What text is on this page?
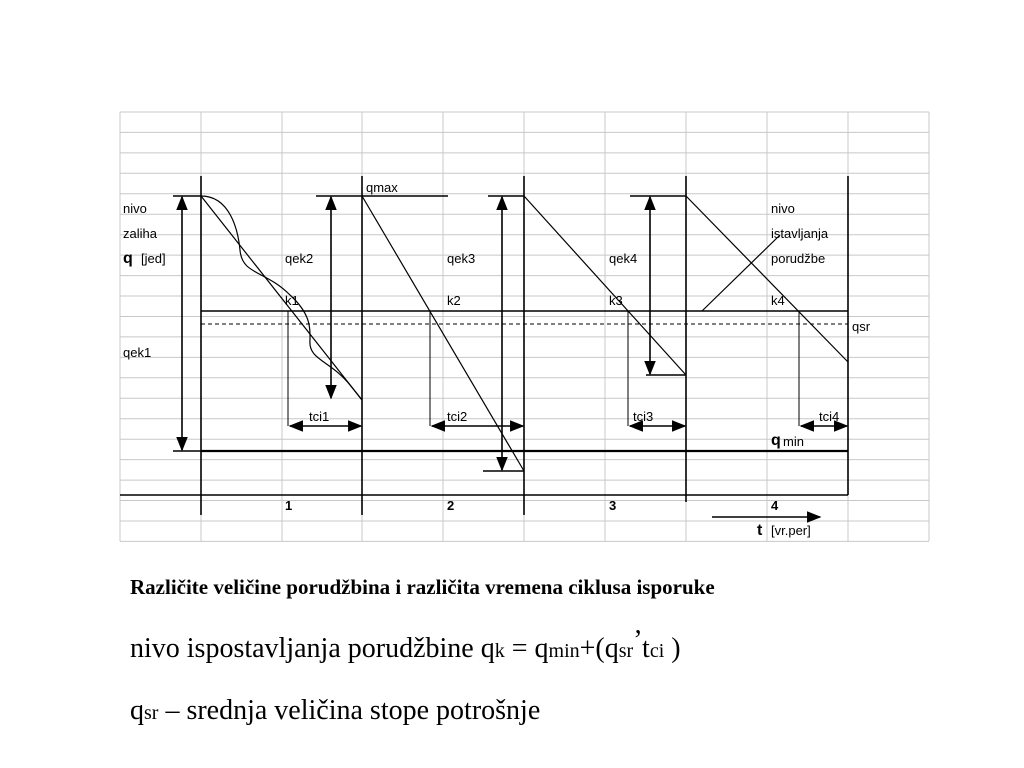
qmax
nivo
zaliha
q [jed]
qek1
qek2	qek3	qek4
k1	k2	k3	k4
nivo
istavljanja
porudžbe
qsr
tci1	tci2	tci3	tci4
q min
1	2	3	4
t [vr.per]
Različite veličine porudžbina i različita vremena ciklusa isporuke
nivo ispostavljanja porudžbine qk = qmin+(qsr’tci )
qsr – srednja veličina stope potrošnje
